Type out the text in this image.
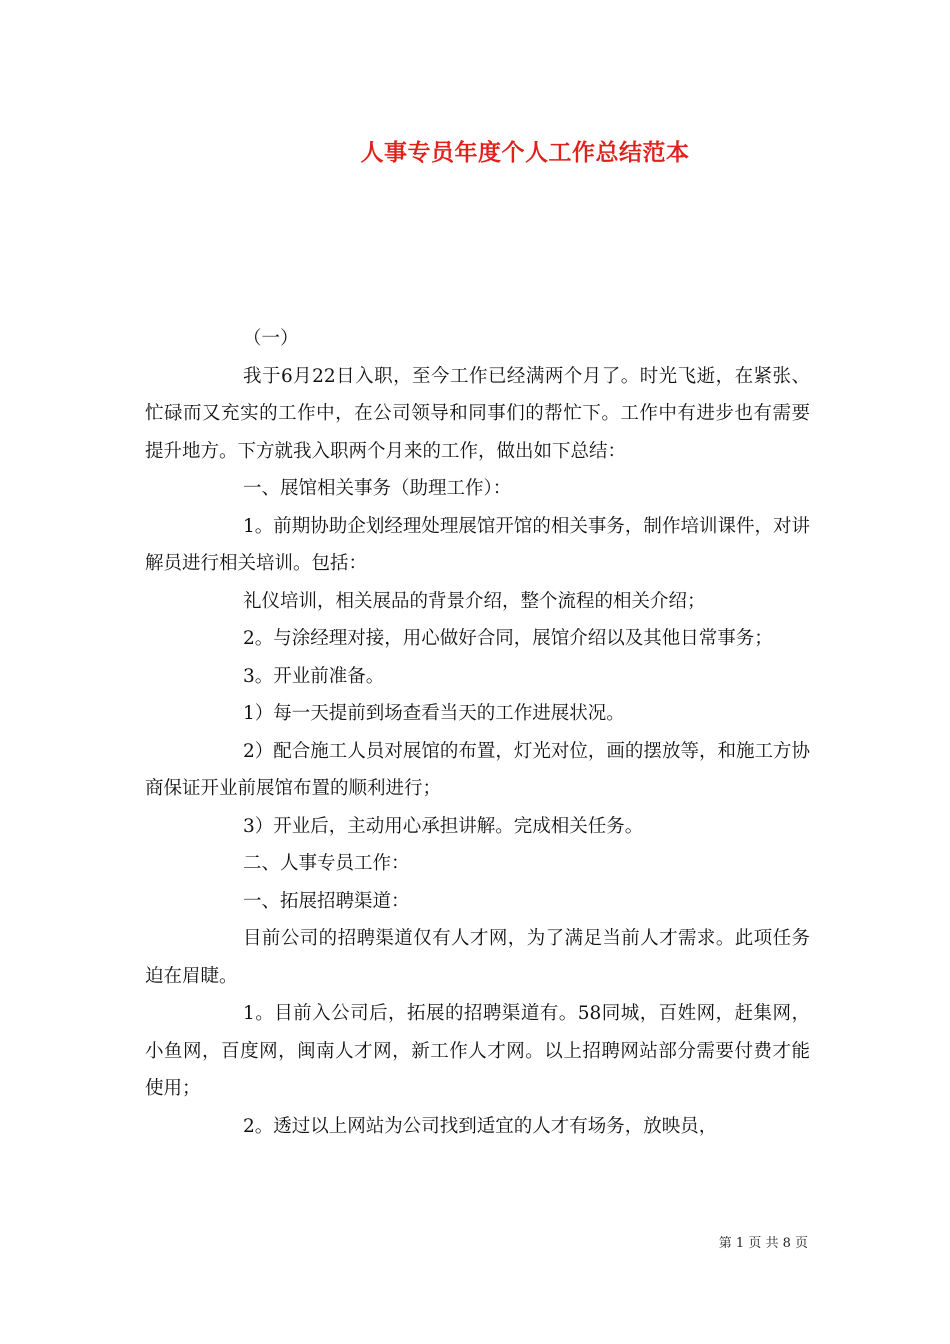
人事专员年度个人工作总结范本

（一）

我于6月22日入职，至今工作已经满两个月了。时光飞逝，在紧张、忙碌而又充实的工作中，在公司领导和同事们的帮忙下。工作中有进步也有需要提升地方。下方就我入职两个月来的工作，做出如下总结：

一、展馆相关事务（助理工作）：

1。前期协助企划经理处理展馆开馆的相关事务，制作培训课件，对讲解员进行相关培训。包括：

礼仪培训，相关展品的背景介绍，整个流程的相关介绍；

2。与涂经理对接，用心做好合同，展馆介绍以及其他日常事务；

3。开业前准备。

1）每一天提前到场查看当天的工作进展状况。

2）配合施工人员对展馆的布置，灯光对位，画的摆放等，和施工方协商保证开业前展馆布置的顺利进行；

3）开业后，主动用心承担讲解。完成相关任务。

二、人事专员工作：

一、拓展招聘渠道：

目前公司的招聘渠道仅有人才网，为了满足当前人才需求。此项任务迫在眉睫。

1。目前入公司后，拓展的招聘渠道有。58同城，百姓网，赶集网，小鱼网，百度网，闽南人才网，新工作人才网。以上招聘网站部分需要付费才能使用；

2。透过以上网站为公司找到适宜的人才有场务，放映员，

第 1 页 共 8 页
